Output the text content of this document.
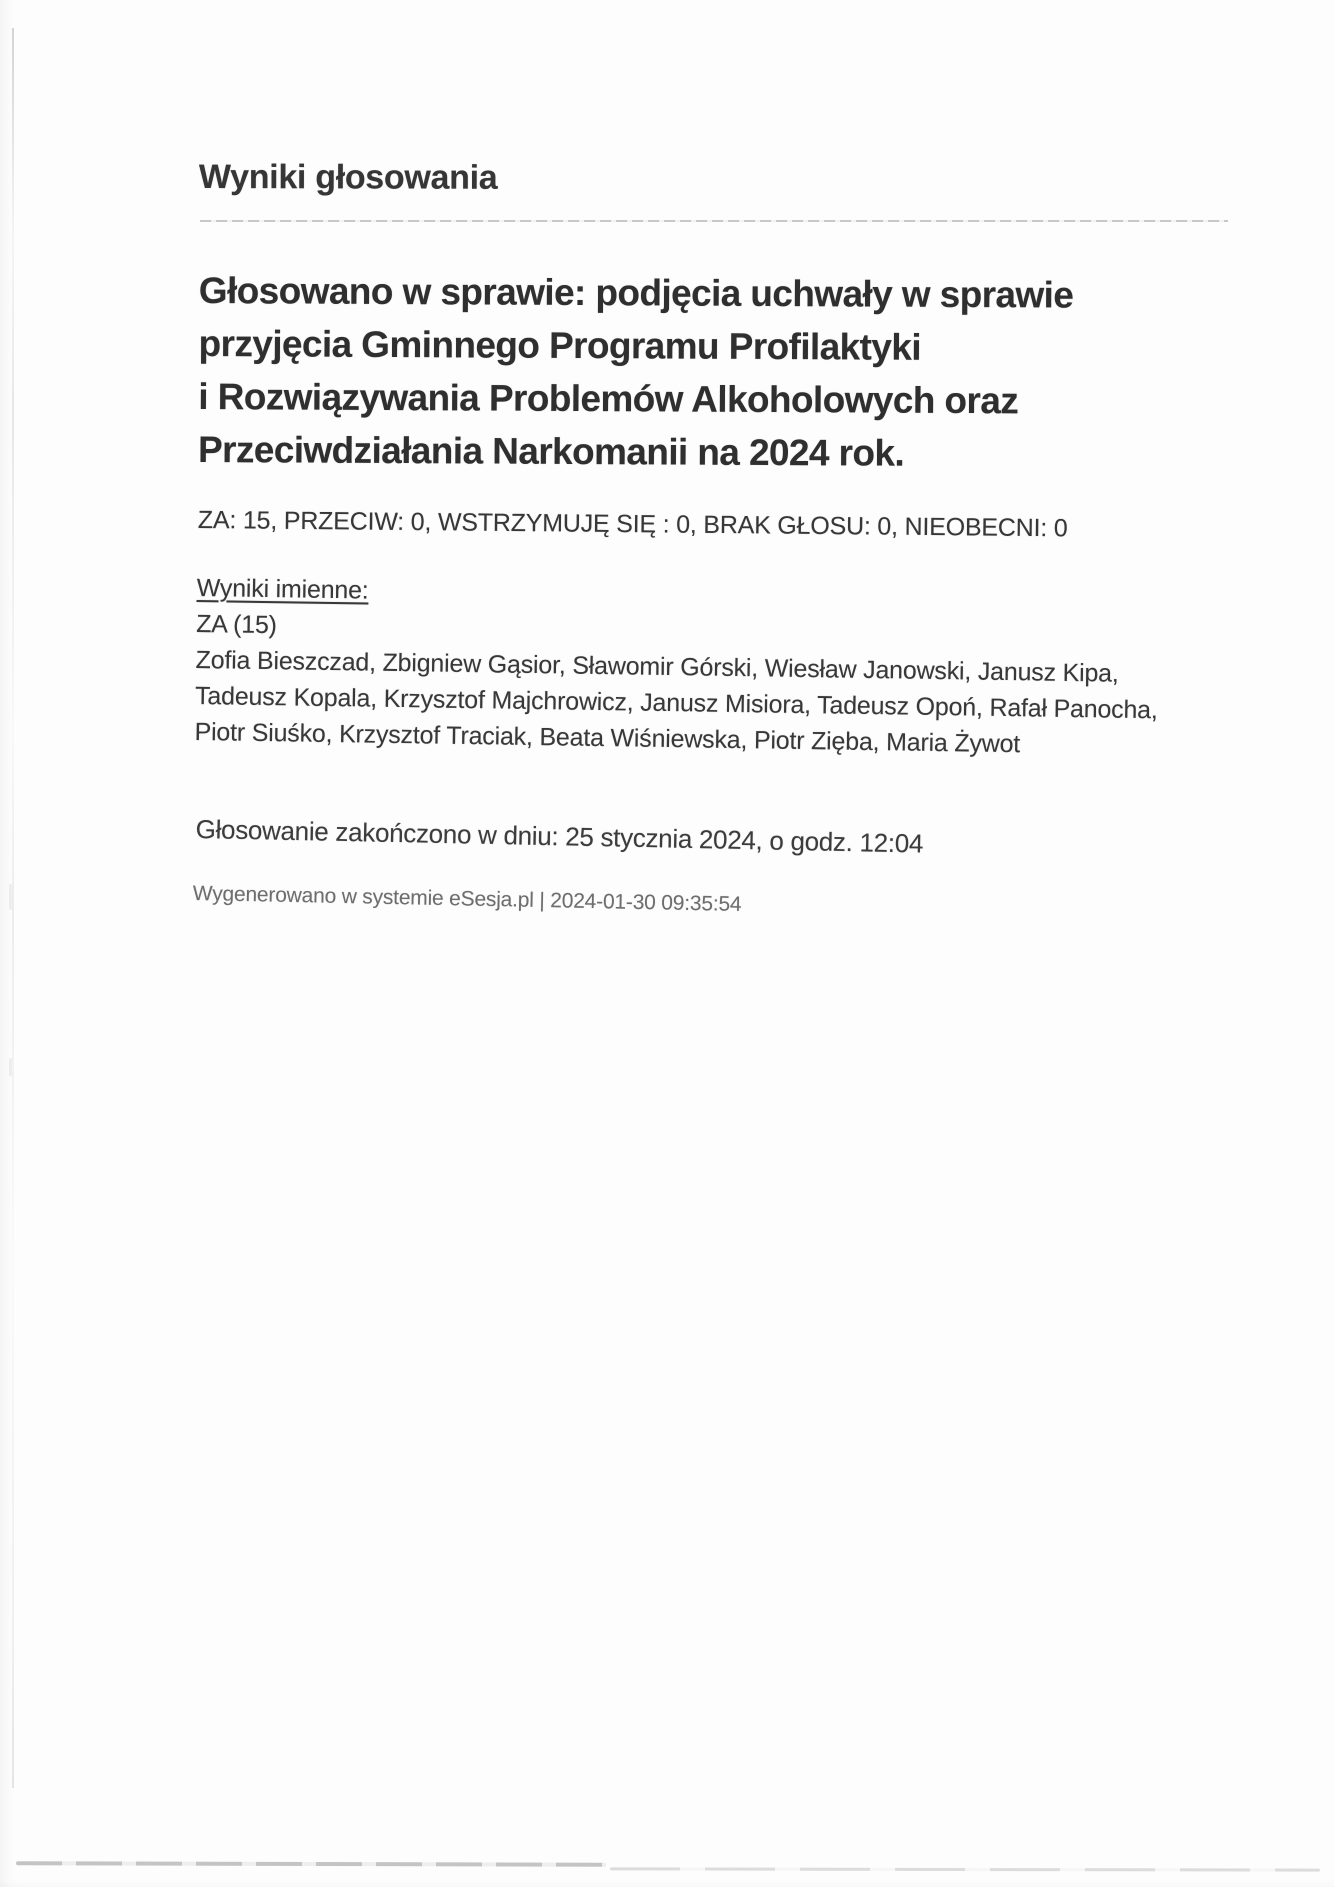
Wyniki głosowania
Głosowano w sprawie: podjęcia uchwały w sprawie
przyjęcia Gminnego Programu Profilaktyki
i Rozwiązywania Problemów Alkoholowych oraz
Przeciwdziałania Narkomanii na 2024 rok.
ZA: 15, PRZECIW: 0, WSTRZYMUJĘ SIĘ : 0, BRAK GŁOSU: 0, NIEOBECNI: 0
Wyniki imienne:
ZA (15)
Zofia Bieszczad, Zbigniew Gąsior, Sławomir Górski, Wiesław Janowski, Janusz Kipa,
Tadeusz Kopala, Krzysztof Majchrowicz, Janusz Misiora, Tadeusz Opoń, Rafał Panocha,
Piotr Siuśko, Krzysztof Traciak, Beata Wiśniewska, Piotr Zięba, Maria Żywot
Głosowanie zakończono w dniu: 25 stycznia 2024, o godz. 12:04
Wygenerowano w systemie eSesja.pl | 2024-01-30 09:35:54
